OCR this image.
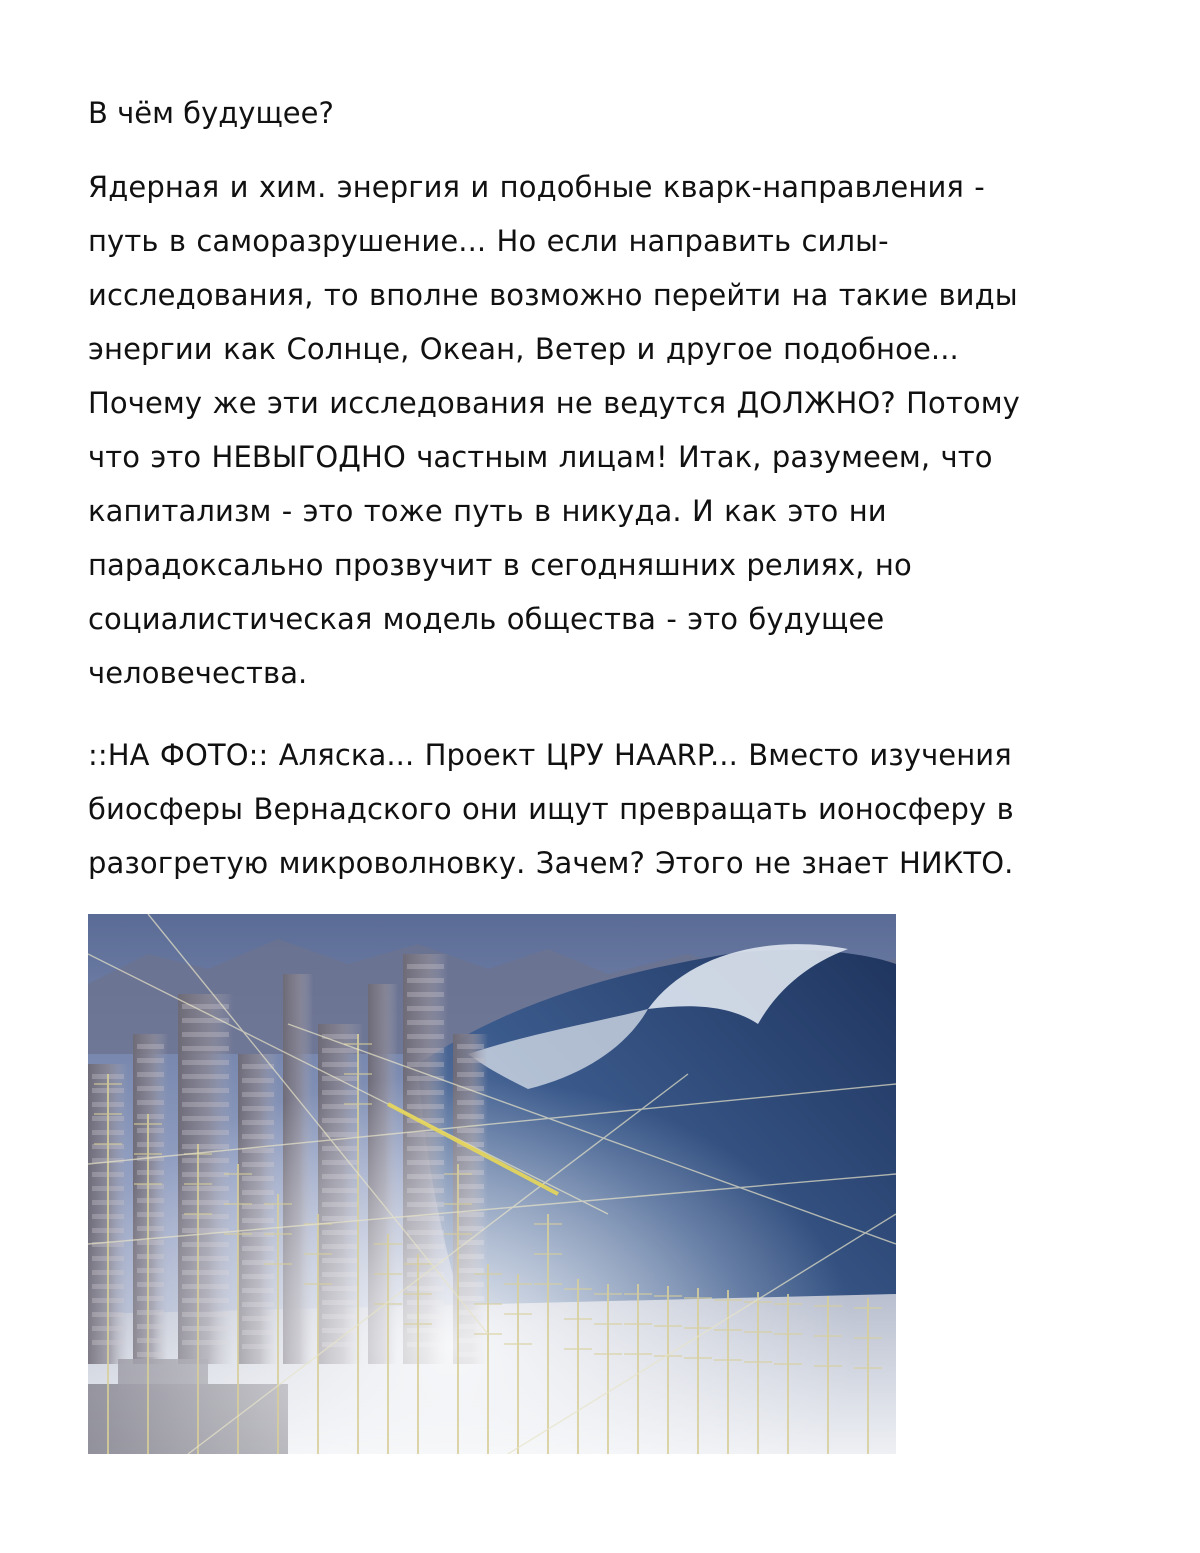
В чём будущее?
Ядерная и хим. энергия и подобные кварк-направления -
путь в саморазрушение... Но если направить силы-
исследования, то вполне возможно перейти на такие виды
энергии как Солнце, Океан, Ветер и другое подобное...
Почему же эти исследования не ведутся ДОЛЖНО? Потому
что это НЕВЫГОДНО частным лицам! Итак, разумеем, что
капитализм - это тоже путь в никуда. И как это ни
парадоксально прозвучит в сегодняшних релиях, но
социалистическая модель общества - это будущее
человечества.
::НА ФОТО:: Аляска... Проект ЦРУ HAARP... Вместо изучения
биосферы Вернадского они ищут превращать ионосферу в
разогретую микроволновку. Зачем? Этого не знает НИКТО.
